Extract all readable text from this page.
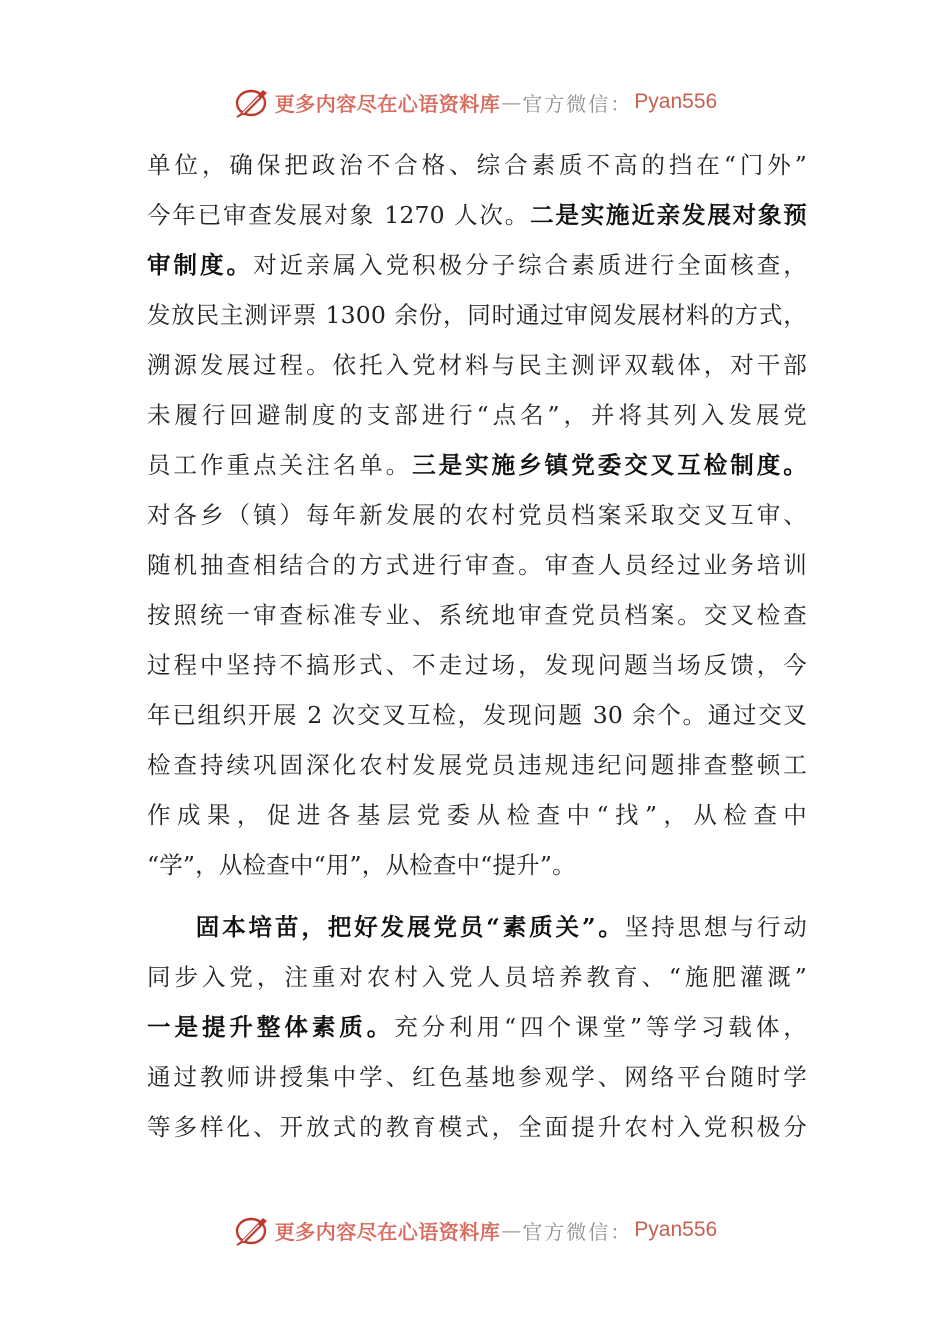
更多内容尽在心语资料库 — 官方微信： Pyan556
单位，确保把政治不合格、综合素质不高的挡在“门外”
今年已审查发展对象 1270 人次。二是实施近亲发展对象预
审制度。对近亲属入党积极分子综合素质进行全面核查，
发放民主测评票 1300 余份，同时通过审阅发展材料的方式，
溯源发展过程。依托入党材料与民主测评双载体，对干部
未履行回避制度的支部进行“点名”，并将其列入发展党
员工作重点关注名单。三是实施乡镇党委交叉互检制度。
对各乡（镇）每年新发展的农村党员档案采取交叉互审、
随机抽查相结合的方式进行审查。审查人员经过业务培训
按照统一审查标准专业、系统地审查党员档案。交叉检查
过程中坚持不搞形式、不走过场，发现问题当场反馈，今
年已组织开展 2 次交叉互检，发现问题 30 余个。通过交叉
检查持续巩固深化农村发展党员违规违纪问题排查整顿工
作成果，促进各基层党委从检查中“找”，从检查中
“学”，从检查中“用”，从检查中“提升”。
固本培苗，把好发展党员“素质关”。坚持思想与行动
同步入党，注重对农村入党人员培养教育、“施肥灌溉”
一是提升整体素质。充分利用“四个课堂”等学习载体，
通过教师讲授集中学、红色基地参观学、网络平台随时学
等多样化、开放式的教育模式，全面提升农村入党积极分
更多内容尽在心语资料库 — 官方微信： Pyan556
